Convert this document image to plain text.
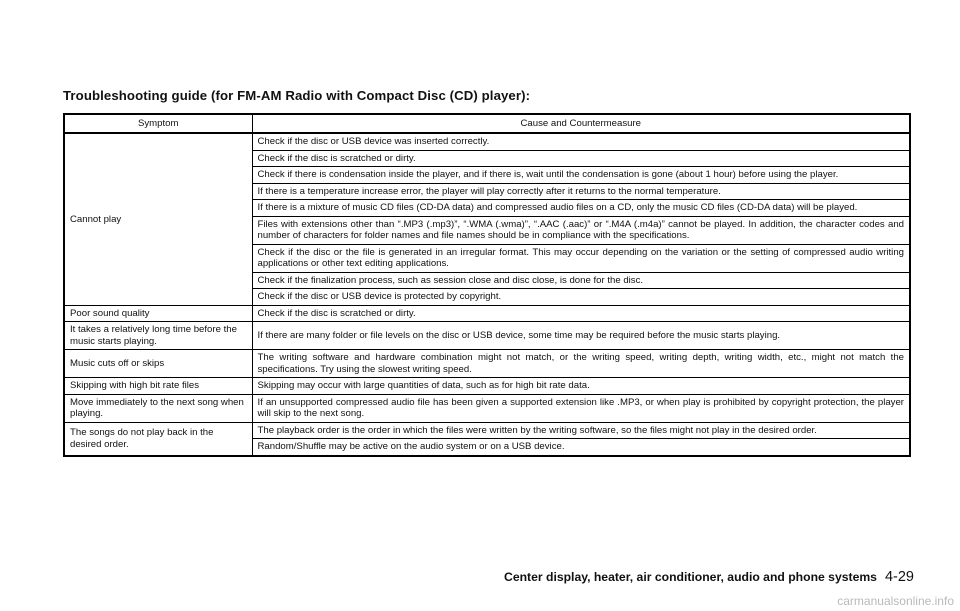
Troubleshooting guide (for FM-AM Radio with Compact Disc (CD) player):
Symptom	Cause and Countermeasure
Cannot play	Check if the disc or USB device was inserted correctly.
	Check if the disc is scratched or dirty.
	Check if there is condensation inside the player, and if there is, wait until the condensation is gone (about 1 hour) before using the player.
	If there is a temperature increase error, the player will play correctly after it returns to the normal temperature.
	If there is a mixture of music CD files (CD-DA data) and compressed audio files on a CD, only the music CD files (CD-DA data) will be played.
	Files with extensions other than “.MP3 (.mp3)”, “.WMA (.wma)”, “.AAC (.aac)” or “.M4A (.m4a)” cannot be played. In addition, the character codes and number of characters for folder names and file names should be in compliance with the specifications.
	Check if the disc or the file is generated in an irregular format. This may occur depending on the variation or the setting of compressed audio writing applications or other text editing applications.
	Check if the finalization process, such as session close and disc close, is done for the disc.
	Check if the disc or USB device is protected by copyright.
Poor sound quality	Check if the disc is scratched or dirty.
It takes a relatively long time before the music starts playing.	If there are many folder or file levels on the disc or USB device, some time may be required before the music starts playing.
Music cuts off or skips	The writing software and hardware combination might not match, or the writing speed, writing depth, writing width, etc., might not match the specifications. Try using the slowest writing speed.
Skipping with high bit rate files	Skipping may occur with large quantities of data, such as for high bit rate data.
Move immediately to the next song when playing.	If an unsupported compressed audio file has been given a supported extension like .MP3, or when play is prohibited by copyright protection, the player will skip to the next song.
The songs do not play back in the desired order.	The playback order is the order in which the files were written by the writing software, so the files might not play in the desired order.
	Random/Shuffle may be active on the audio system or on a USB device.
Center display, heater, air conditioner, audio and phone systems 4-29
carmanualsonline.info
